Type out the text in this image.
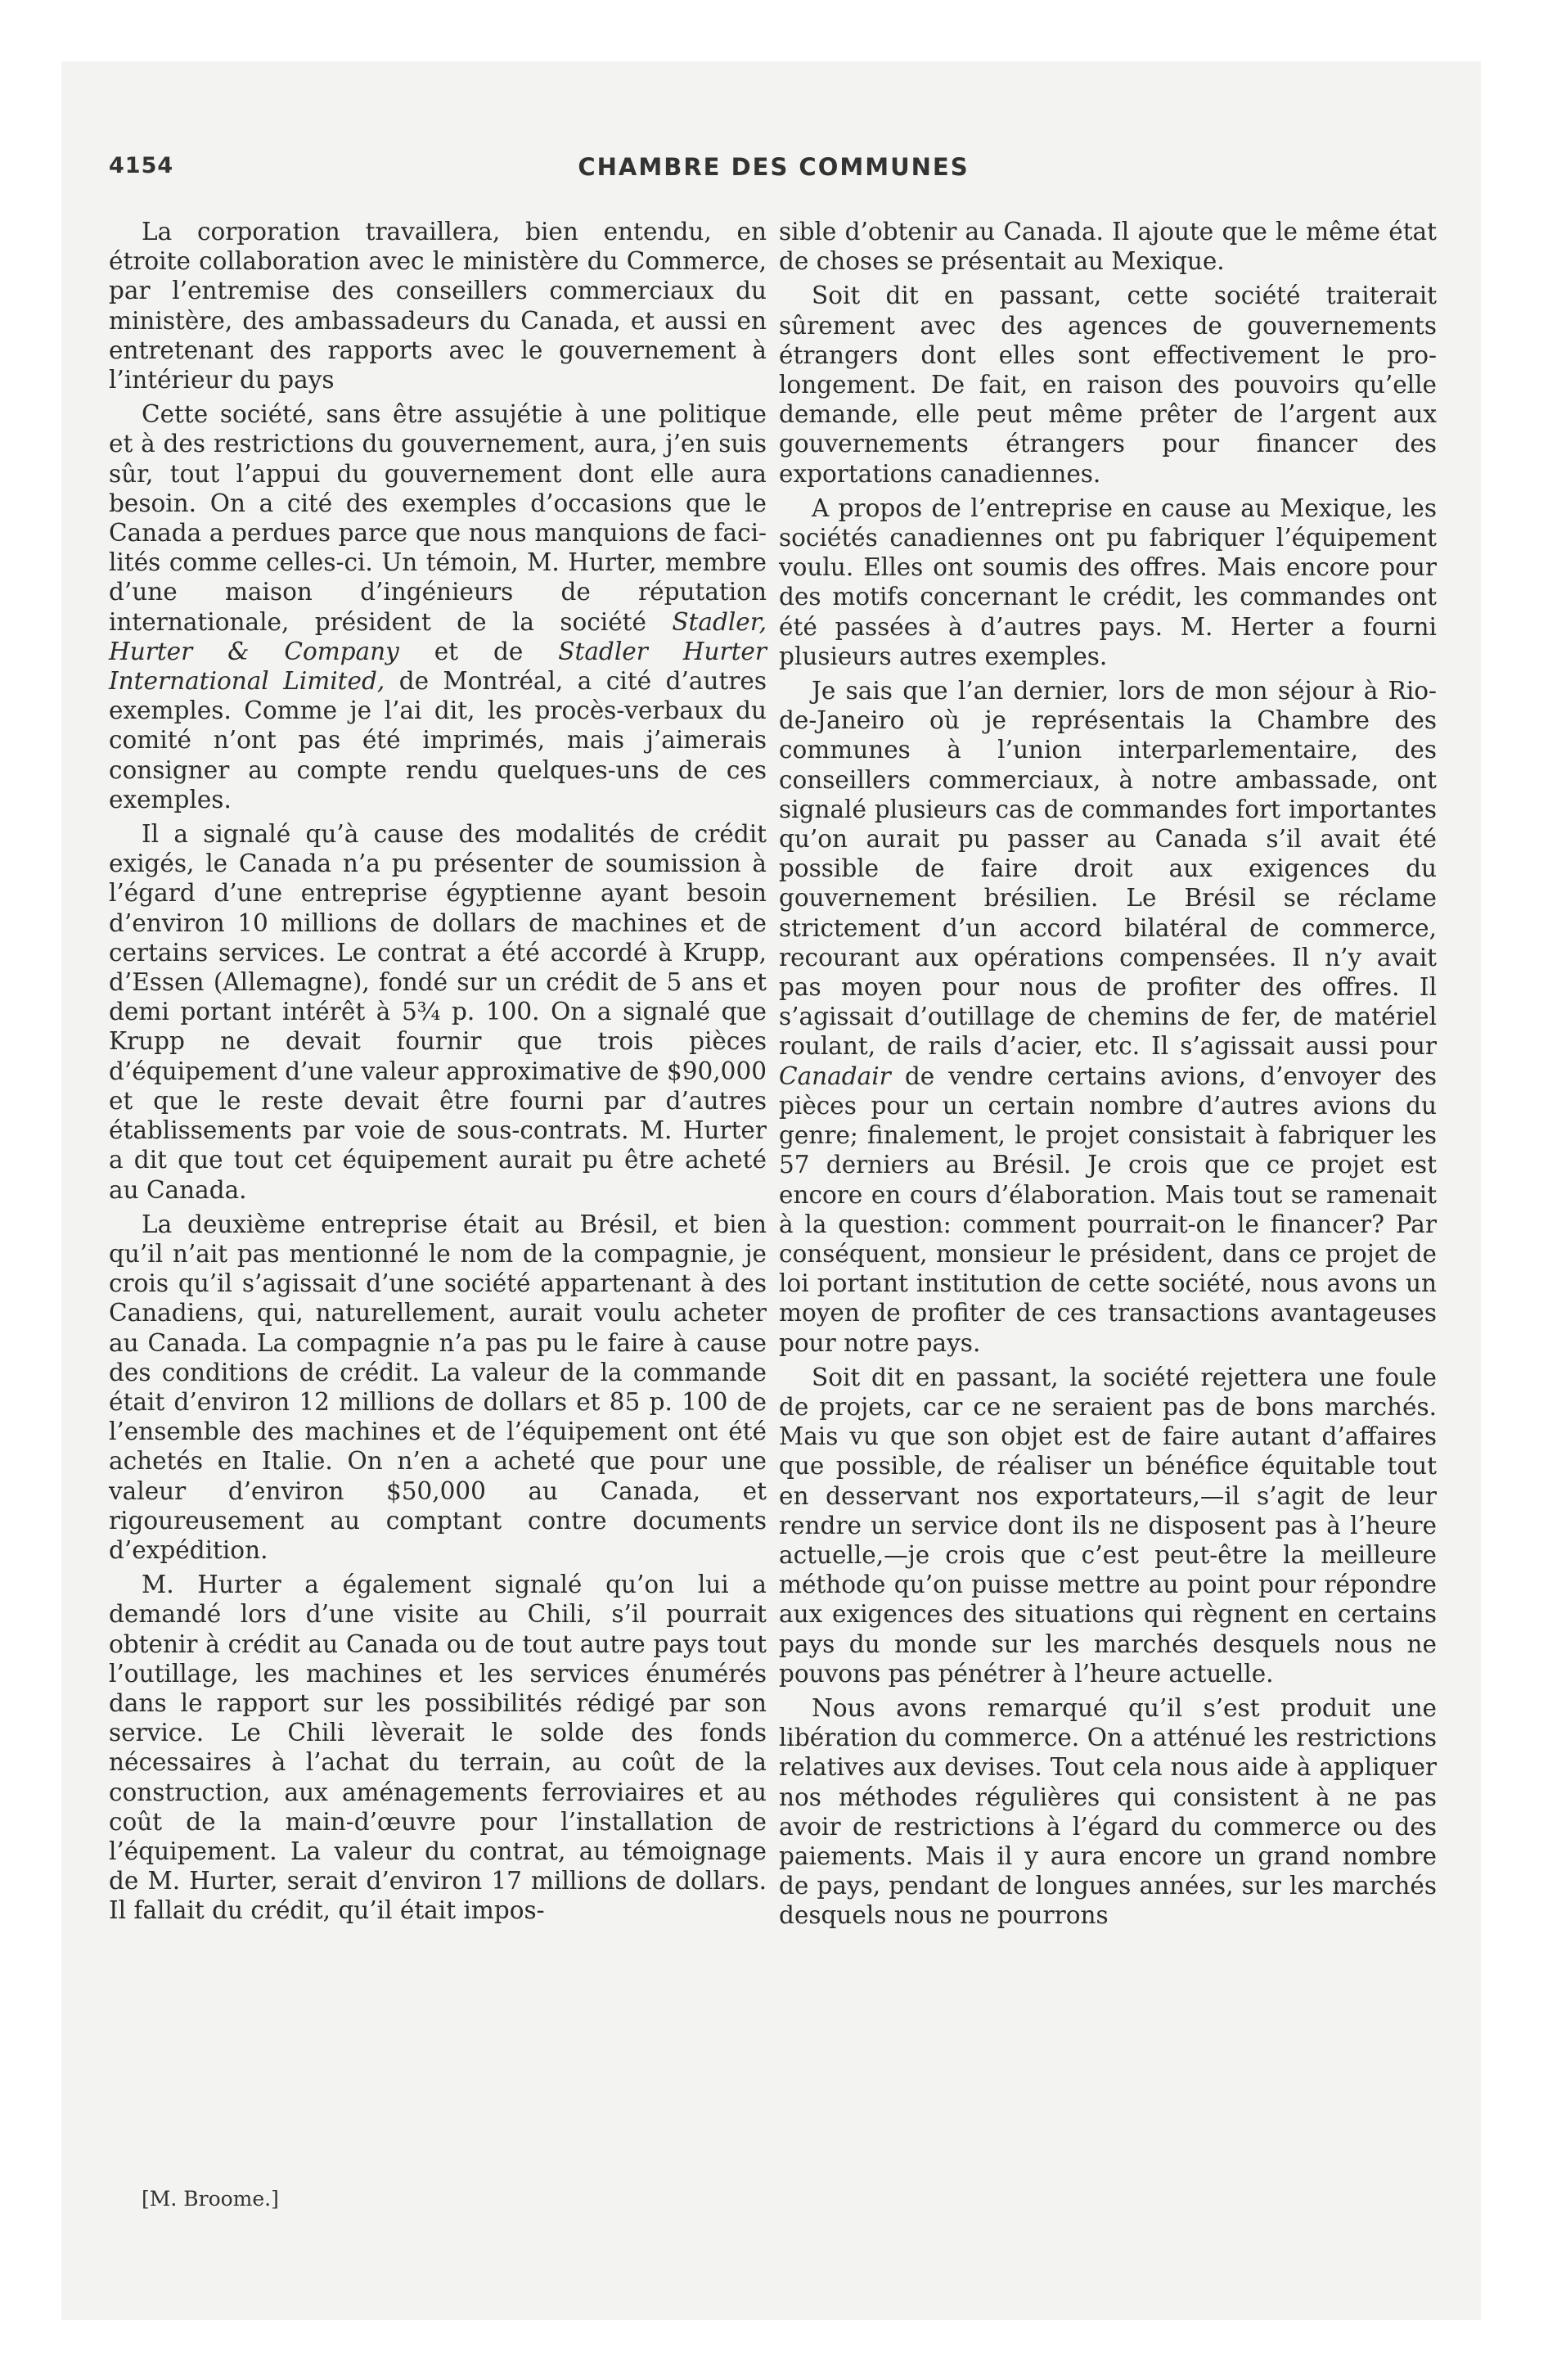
4154	CHAMBRE DES COMMUNES

La corporation travaillera, bien entendu, en étroite collaboration avec le ministère du Commerce, par l’entremise des conseillers commerciaux du ministère, des ambassadeurs du Canada, et aussi en entretenant des rapports avec le gouvernement à l’intérieur du pays

Cette société, sans être assujétie à une politique et à des restrictions du gouvernement, aura, j’en suis sûr, tout l’appui du gouvernement dont elle aura besoin. On a cité des exemples d’occasions que le Canada a perdues parce que nous manquions de facilités comme celles-ci. Un témoin, M. Hurter, membre d’une maison d’ingénieurs de réputation internationale, président de la société Stadler, Hurter & Company et de Stadler Hurter International Limited, de Montréal, a cité d’autres exemples. Comme je l’ai dit, les procès-verbaux du comité n’ont pas été imprimés, mais j’aimerais consigner au compte rendu quelques-uns de ces exemples.

Il a signalé qu’à cause des modalités de crédit exigés, le Canada n’a pu présenter de soumission à l’égard d’une entreprise égyptienne ayant besoin d’environ 10 millions de dollars de machines et de certains services. Le contrat a été accordé à Krupp, d’Essen (Allemagne), fondé sur un crédit de 5 ans et demi portant intérêt à 5¾ p. 100. On a signalé que Krupp ne devait fournir que trois pièces d’équipement d’une valeur approximative de $90,000 et que le reste devait être fourni par d’autres établissements par voie de sous-contrats. M. Hurter a dit que tout cet équipement aurait pu être acheté au Canada.

La deuxième entreprise était au Brésil, et bien qu’il n’ait pas mentionné le nom de la compagnie, je crois qu’il s’agissait d’une société appartenant à des Canadiens, qui, naturellement, aurait voulu acheter au Canada. La compagnie n’a pas pu le faire à cause des conditions de crédit. La valeur de la commande était d’environ 12 millions de dollars et 85 p. 100 de l’ensemble des machines et de l’équipement ont été achetés en Italie. On n’en a acheté que pour une valeur d’environ $50,000 au Canada, et rigoureusement au comptant contre documents d’expédition.

M. Hurter a également signalé qu’on lui a demandé lors d’une visite au Chili, s’il pourrait obtenir à crédit au Canada ou de tout autre pays tout l’outillage, les machines et les services énumérés dans le rapport sur les possibilités rédigé par son service. Le Chili lèverait le solde des fonds nécessaires à l’achat du terrain, au coût de la construction, aux aménagements ferroviaires et au coût de la main-d’œuvre pour l’installation de l’équipement. La valeur du contrat, au témoignage de M. Hurter, serait d’environ 17 millions de dollars. Il fallait du crédit, qu’il était impos-

sible d’obtenir au Canada. Il ajoute que le même état de choses se présentait au Mexique.

Soit dit en passant, cette société traiterait sûrement avec des agences de gouvernements étrangers dont elles sont effectivement le prolongement. De fait, en raison des pouvoirs qu’elle demande, elle peut même prêter de l’argent aux gouvernements étrangers pour financer des exportations canadiennes.

A propos de l’entreprise en cause au Mexique, les sociétés canadiennes ont pu fabriquer l’équipement voulu. Elles ont soumis des offres. Mais encore pour des motifs concernant le crédit, les commandes ont été passées à d’autres pays. M. Herter a fourni plusieurs autres exemples.

Je sais que l’an dernier, lors de mon séjour à Rio-de-Janeiro où je représentais la Chambre des communes à l’union interparlementaire, des conseillers commerciaux, à notre ambassade, ont signalé plusieurs cas de commandes fort importantes qu’on aurait pu passer au Canada s’il avait été possible de faire droit aux exigences du gouvernement brésilien. Le Brésil se réclame strictement d’un accord bilatéral de commerce, recourant aux opérations compensées. Il n’y avait pas moyen pour nous de profiter des offres. Il s’agissait d’outillage de chemins de fer, de matériel roulant, de rails d’acier, etc. Il s’agissait aussi pour Canadair de vendre certains avions, d’envoyer des pièces pour un certain nombre d’autres avions du genre; finalement, le projet consistait à fabriquer les 57 derniers au Brésil. Je crois que ce projet est encore en cours d’élaboration. Mais tout se ramenait à la question: comment pourrait-on le financer? Par conséquent, monsieur le président, dans ce projet de loi portant institution de cette société, nous avons un moyen de profiter de ces transactions avantageuses pour notre pays.

Soit dit en passant, la société rejettera une foule de projets, car ce ne seraient pas de bons marchés. Mais vu que son objet est de faire autant d’affaires que possible, de réaliser un bénéfice équitable tout en desservant nos exportateurs,—il s’agit de leur rendre un service dont ils ne disposent pas à l’heure actuelle,—je crois que c’est peut-être la meilleure méthode qu’on puisse mettre au point pour répondre aux exigences des situations qui règnent en certains pays du monde sur les marchés desquels nous ne pouvons pas pénétrer à l’heure actuelle.

Nous avons remarqué qu’il s’est produit une libération du commerce. On a atténué les restrictions relatives aux devises. Tout cela nous aide à appliquer nos méthodes régulières qui consistent à ne pas avoir de restrictions à l’égard du commerce ou des paiements. Mais il y aura encore un grand nombre de pays, pendant de longues années, sur les marchés desquels nous ne pourrons

[M. Broome.]
